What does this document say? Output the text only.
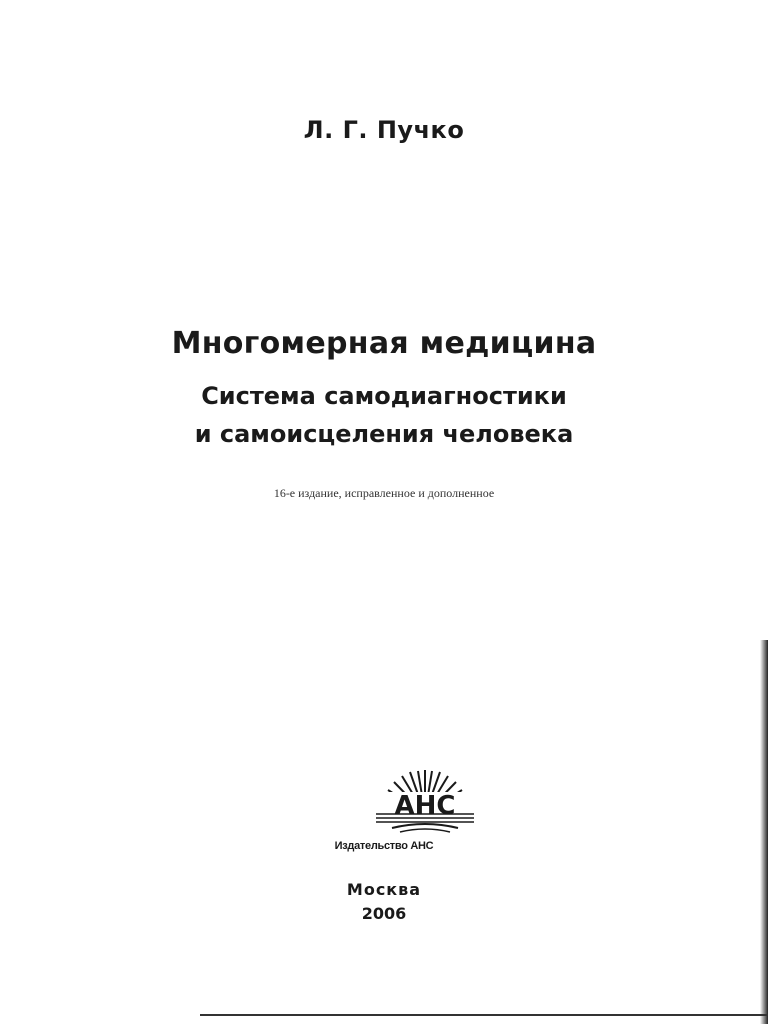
Л. Г. Пучко
Многомерная медицина
Система самодиагностики
и самоисцеления человека
16-е издание, исправленное и дополненное
АНС
Издательство АНС
Москва
2006
